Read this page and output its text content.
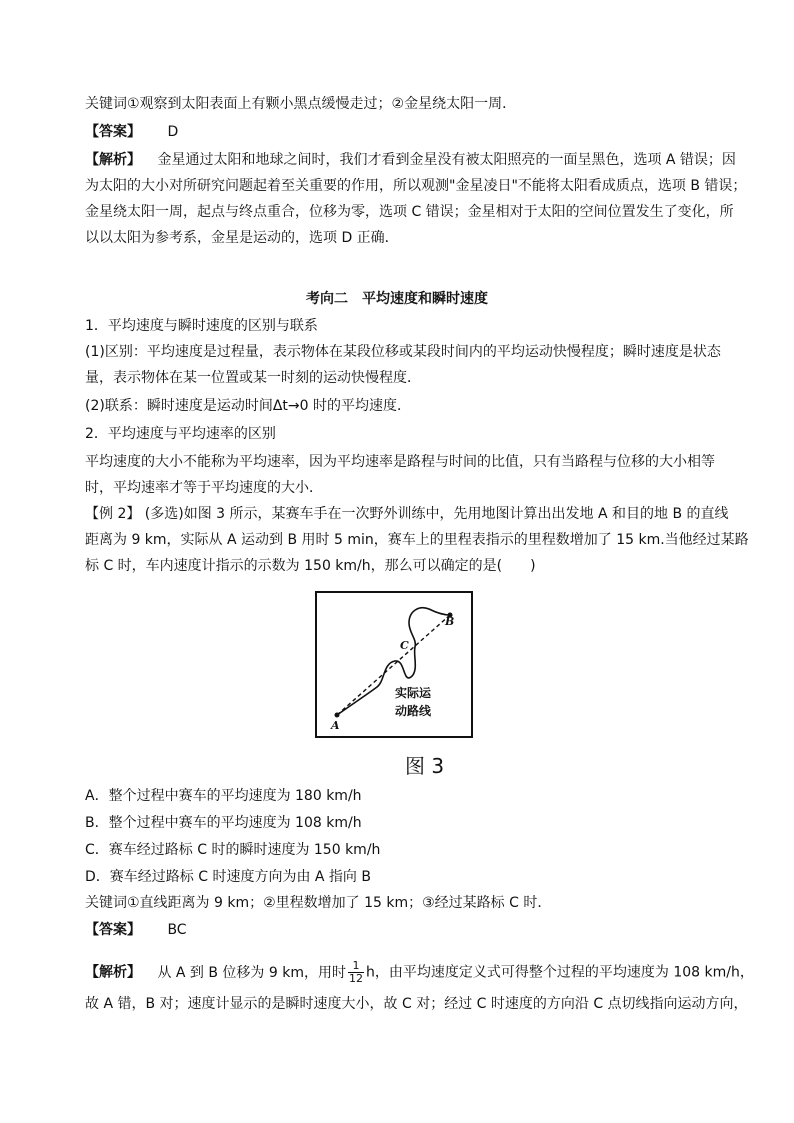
关键词①观察到太阳表面上有颗小黑点缓慢走过；②金星绕太阳一周．
【答案】 D
【解析】 金星通过太阳和地球之间时，我们才看到金星没有被太阳照亮的一面呈黑色，选项 A 错误；因
为太阳的大小对所研究问题起着至关重要的作用，所以观测"金星凌日"不能将太阳看成质点，选项 B 错误；
金星绕太阳一周，起点与终点重合，位移为零，选项 C 错误；金星相对于太阳的空间位置发生了变化，所
以以太阳为参考系，金星是运动的，选项 D 正确．
考向二　平均速度和瞬时速度
1．平均速度与瞬时速度的区别与联系
(1)区别：平均速度是过程量，表示物体在某段位移或某段时间内的平均运动快慢程度；瞬时速度是状态
量，表示物体在某一位置或某一时刻的运动快慢程度．
(2)联系：瞬时速度是运动时间Δt→0 时的平均速度．
2．平均速度与平均速率的区别
平均速度的大小不能称为平均速率，因为平均速率是路程与时间的比值，只有当路程与位移的大小相等
时，平均速率才等于平均速度的大小．
【例 2】 (多选)如图 3 所示，某赛车手在一次野外训练中，先用地图计算出出发地 A 和目的地 B 的直线
距离为 9 km，实际从 A 运动到 B 用时 5 min，赛车上的里程表指示的里程数增加了 15 km.当他经过某路
标 C 时，车内速度计指示的示数为 150 km/h，那么可以确定的是(　　)
A
B
C
实际运
动路线
图 3
A．整个过程中赛车的平均速度为 180 km/h
B．整个过程中赛车的平均速度为 108 km/h
C．赛车经过路标 C 时的瞬时速度为 150 km/h
D．赛车经过路标 C 时速度方向为由 A 指向 B
关键词①直线距离为 9 km；②里程数增加了 15 km；③经过某路标 C 时．
【答案】 BC
【解析】 从 A 到 B 位移为 9 km，用时 $\frac{1}{12}$ h，由平均速度定义式可得整个过程的平均速度为 108 km/h，
故 A 错，B 对；速度计显示的是瞬时速度大小，故 C 对；经过 C 时速度的方向沿 C 点切线指向运动方向，
